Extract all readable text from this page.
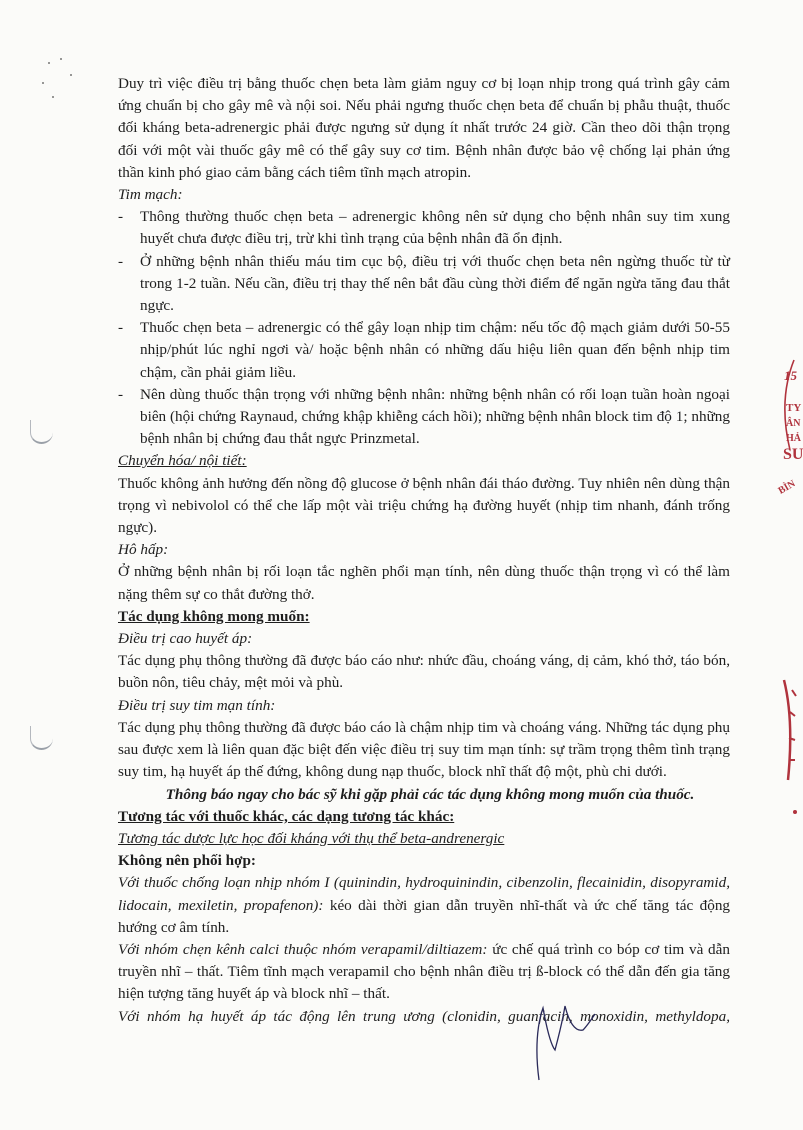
15
TY
ÂN
HẢ
SU
BÌN

Duy trì việc điều trị bằng thuốc chẹn beta làm giảm nguy cơ bị loạn nhịp trong quá trình gây cảm ứng chuẩn bị cho gây mê và nội soi. Nếu phải ngưng thuốc chẹn beta để chuẩn bị phẫu thuật, thuốc đối kháng beta-adrenergic phải được ngưng sử dụng ít nhất trước 24 giờ. Cần theo dõi thận trọng đối với một vài thuốc gây mê có thể gây suy cơ tim. Bệnh nhân được bảo vệ chống lại phản ứng thần kinh phó giao cảm bằng cách tiêm tĩnh mạch atropin.

Tim mạch:

- Thông thường thuốc chẹn beta – adrenergic không nên sử dụng cho bệnh nhân suy tim xung huyết chưa được điều trị, trừ khi tình trạng của bệnh nhân đã ổn định.
- Ở những bệnh nhân thiếu máu tim cục bộ, điều trị với thuốc chẹn beta nên ngừng thuốc từ từ trong 1-2 tuần. Nếu cần, điều trị thay thế nên bắt đầu cùng thời điểm để ngăn ngừa tăng đau thắt ngực.
- Thuốc chẹn beta – adrenergic có thể gây loạn nhịp tim chậm: nếu tốc độ mạch giảm dưới 50-55 nhịp/phút lúc nghỉ ngơi và/ hoặc bệnh nhân có những dấu hiệu liên quan đến bệnh nhịp tim chậm, cần phải giảm liều.
- Nên dùng thuốc thận trọng với những bệnh nhân: những bệnh nhân có rối loạn tuần hoàn ngoại biên (hội chứng Raynaud, chứng khập khiễng cách hồi); những bệnh nhân block tim độ 1; những bệnh nhân bị chứng đau thắt ngực Prinzmetal.

Chuyển hóa/ nội tiết:

Thuốc không ảnh hưởng đến nồng độ glucose ở bệnh nhân đái tháo đường. Tuy nhiên nên dùng thận trọng vì nebivolol có thể che lấp một vài triệu chứng hạ đường huyết (nhịp tim nhanh, đánh trống ngực).

Hô hấp:

Ở những bệnh nhân bị rối loạn tắc nghẽn phổi mạn tính, nên dùng thuốc thận trọng vì có thể làm nặng thêm sự co thắt đường thở.

Tác dụng không mong muốn:

Điều trị cao huyết áp:

Tác dụng phụ thông thường đã được báo cáo như: nhức đầu, choáng váng, dị cảm, khó thở, táo bón, buồn nôn, tiêu chảy, mệt mỏi và phù.

Điều trị suy tim mạn tính:

Tác dụng phụ thông thường đã được báo cáo là chậm nhịp tim và choáng váng. Những tác dụng phụ sau được xem là liên quan đặc biệt đến việc điều trị suy tim mạn tính: sự trầm trọng thêm tình trạng suy tim, hạ huyết áp thế đứng, không dung nạp thuốc, block nhĩ thất độ một, phù chi dưới.

Thông báo ngay cho bác sỹ khi gặp phải các tác dụng không mong muốn của thuốc.

Tương tác với thuốc khác, các dạng tương tác khác:

Tương tác dược lực học đối kháng với thụ thể beta-andrenergic

Không nên phối hợp:

Với thuốc chống loạn nhịp nhóm I (quinindin, hydroquinindin, cibenzolin, flecainidin, disopyramid, lidocain, mexiletin, propafenon): kéo dài thời gian dẫn truyền nhĩ-thất và ức chế tăng tác động hướng cơ âm tính.

Với nhóm chẹn kênh calci thuộc nhóm verapamil/diltiazem: ức chế quá trình co bóp cơ tim và dẫn truyền nhĩ – thất. Tiêm tĩnh mạch verapamil cho bệnh nhân điều trị ß-block có thể dẫn đến gia tăng hiện tượng tăng huyết áp và block nhĩ – thất.

Với nhóm hạ huyết áp tác động lên trung ương (clonidin, guanfacin, monoxidin, methyldopa,
